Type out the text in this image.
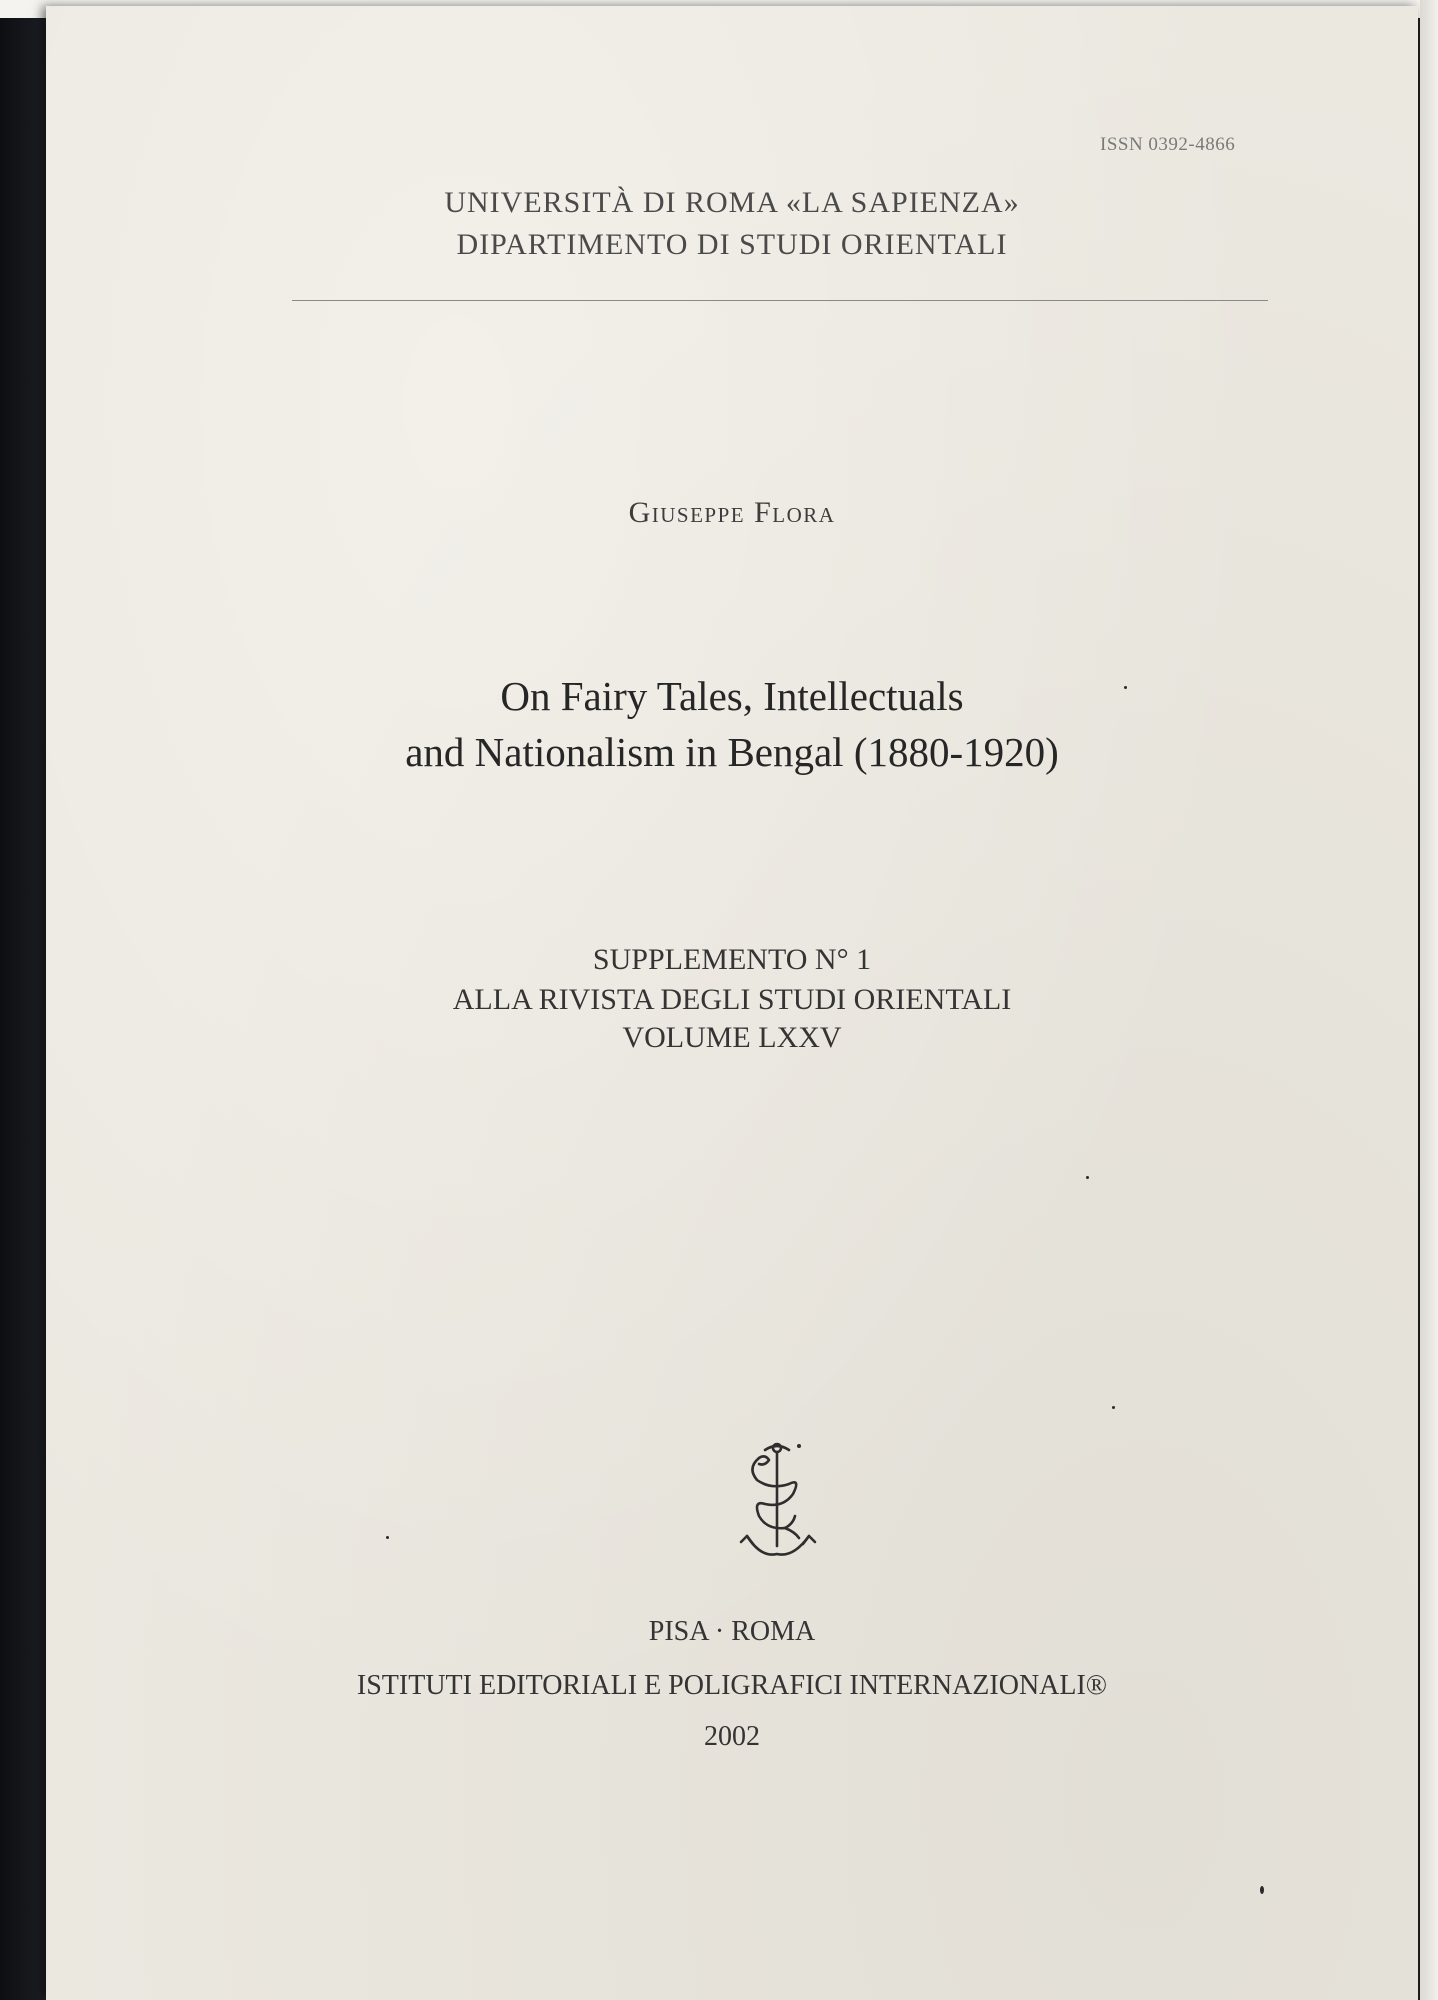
ISSN 0392-4866
UNIVERSITÀ DI ROMA «LA SAPIENZA»
DIPARTIMENTO DI STUDI ORIENTALI
Giuseppe Flora
On Fairy Tales, Intellectuals
and Nationalism in Bengal (1880-1920)
SUPPLEMENTO N° 1
ALLA RIVISTA DEGLI STUDI ORIENTALI
VOLUME LXXV
PISA · ROMA
ISTITUTI EDITORIALI E POLIGRAFICI INTERNAZIONALI®
2002
